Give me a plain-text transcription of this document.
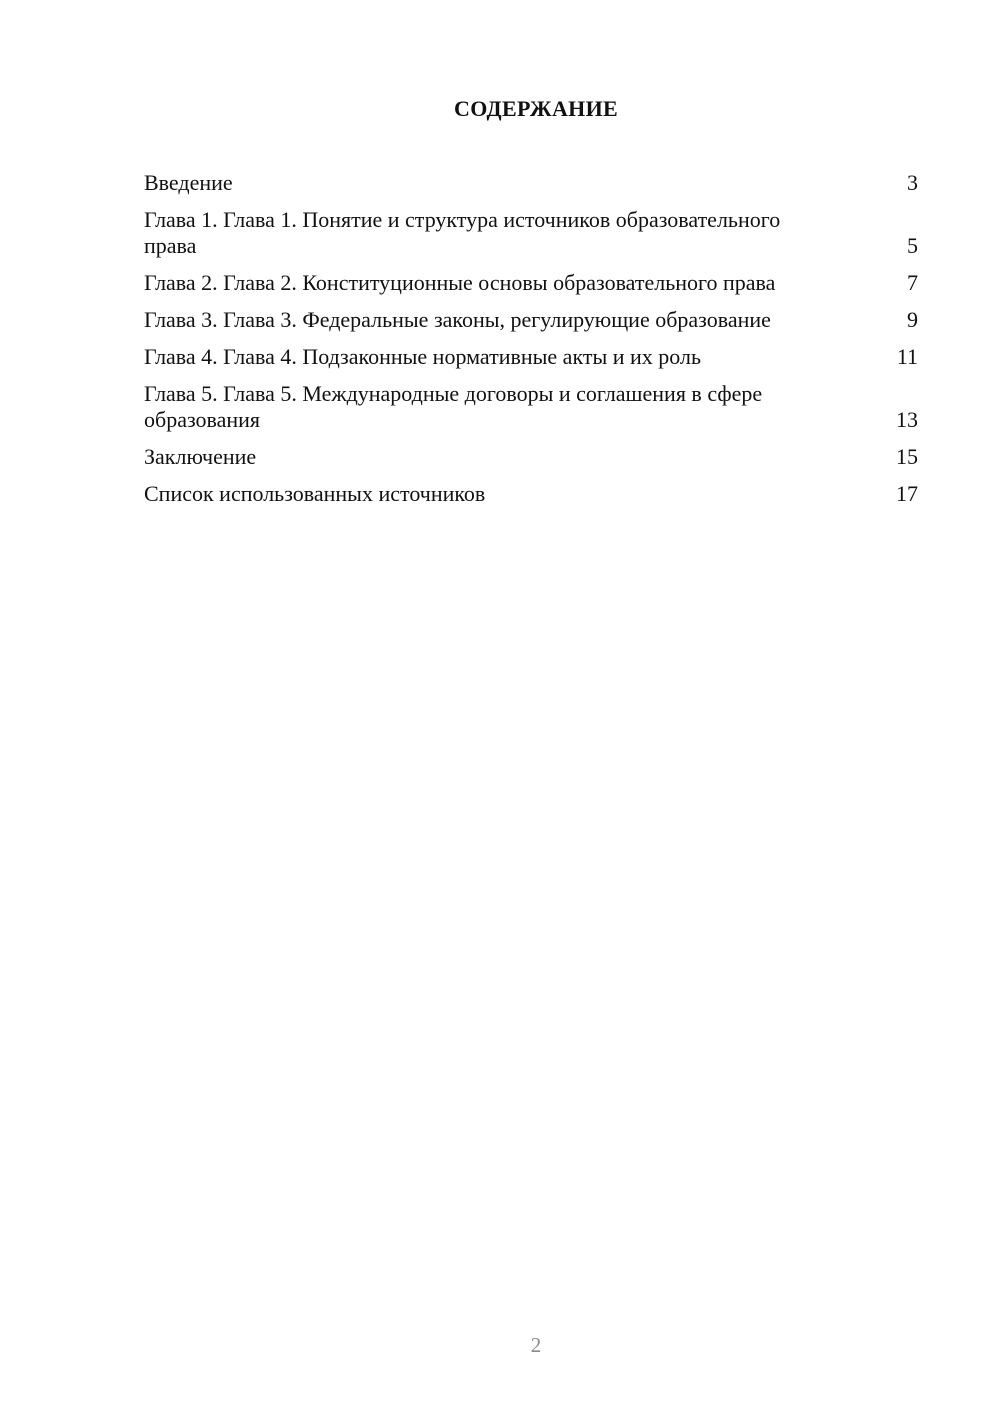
СОДЕРЖАНИЕ
Введение	3
Глава 1. Глава 1. Понятие и структура источников образовательного права	5
Глава 2. Глава 2. Конституционные основы образовательного права	7
Глава 3. Глава 3. Федеральные законы, регулирующие образование	9
Глава 4. Глава 4. Подзаконные нормативные акты и их роль	11
Глава 5. Глава 5. Международные договоры и соглашения в сфере образования	13
Заключение	15
Список использованных источников	17
2
